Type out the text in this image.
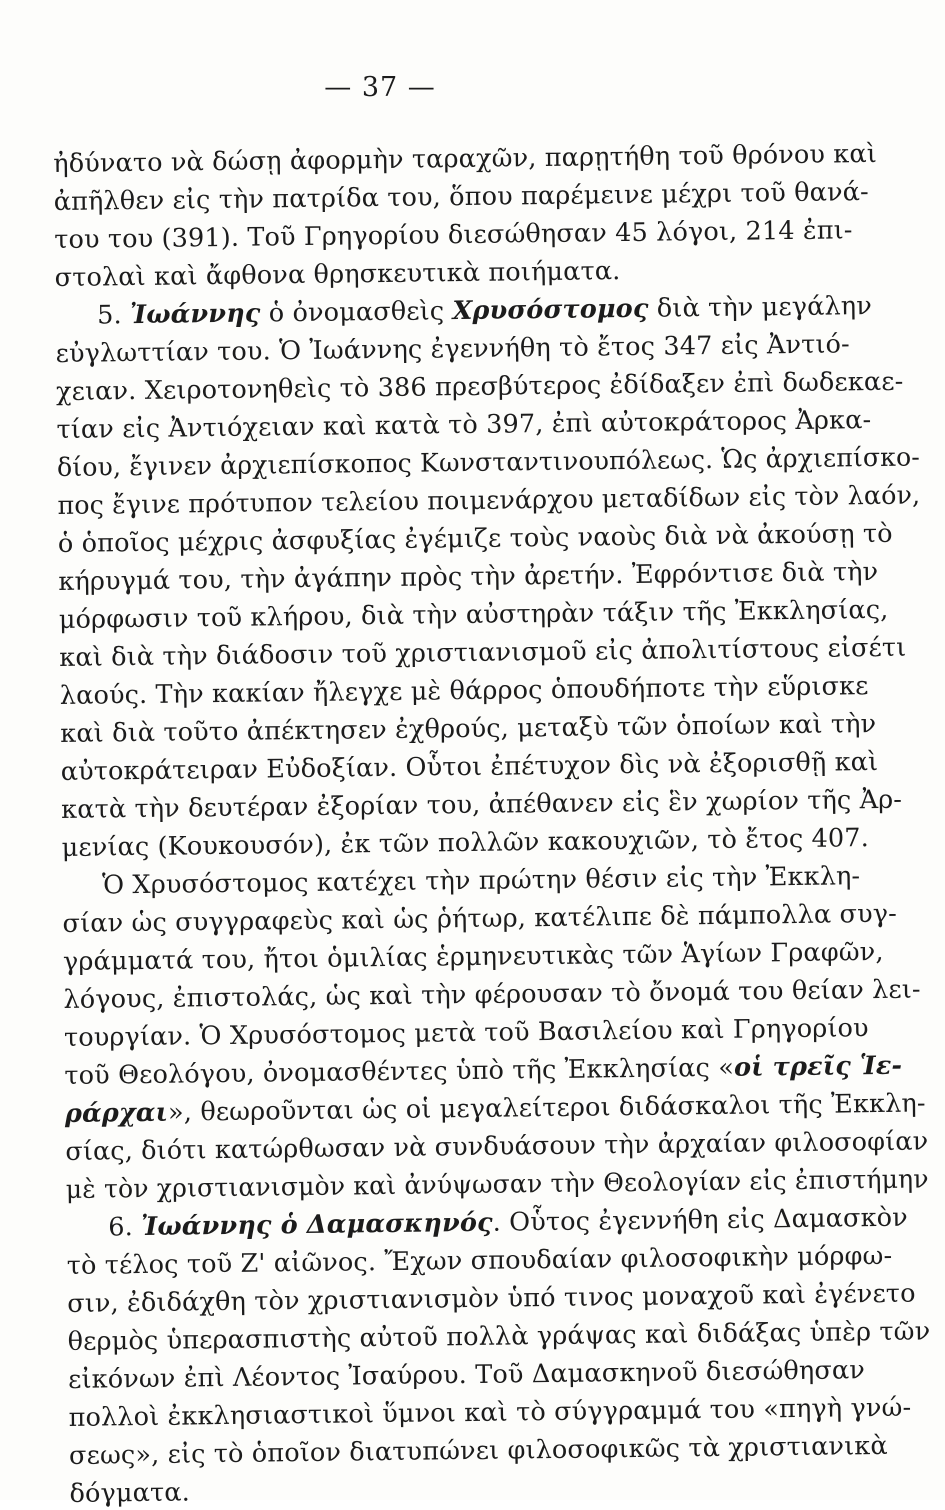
— 37 —
ἠδύνατο νὰ δώσῃ ἀφορμὴν ταραχῶν, παρῃτήθη τοῦ θρόνου καὶ
ἀπῆλθεν εἰς τὴν πατρίδα του, ὅπου παρέμεινε μέχρι τοῦ θανά-
του του (391). Τοῦ Γρηγορίου διεσώθησαν 45 λόγοι, 214 ἐπι-
στολαὶ καὶ ἄφθονα θρησκευτικὰ ποιήματα.
5. Ἰωάννης ὁ ὀνομασθεὶς Χρυσόστομος διὰ τὴν μεγάλην
εὐγλωττίαν του. Ὁ Ἰωάννης ἐγεννήθη τὸ ἔτος 347 εἰς Ἀντιό-
χειαν. Χειροτονηθεὶς τὸ 386 πρεσβύτερος ἐδίδαξεν ἐπὶ δωδεκαε-
τίαν εἰς Ἀντιόχειαν καὶ κατὰ τὸ 397, ἐπὶ αὐτοκράτορος Ἀρκα-
δίου, ἔγινεν ἀρχιεπίσκοπος Κωνσταντινουπόλεως. Ὡς ἀρχιεπίσκο-
πος ἔγινε πρότυπον τελείου ποιμενάρχου μεταδίδων εἰς τὸν λαόν,
ὁ ὁποῖος μέχρις ἀσφυξίας ἐγέμιζε τοὺς ναοὺς διὰ νὰ ἀκούσῃ τὸ
κήρυγμά του, τὴν ἀγάπην πρὸς τὴν ἀρετήν. Ἐφρόντισε διὰ τὴν
μόρφωσιν τοῦ κλήρου, διὰ τὴν αὐστηρὰν τάξιν τῆς Ἐκκλησίας,
καὶ διὰ τὴν διάδοσιν τοῦ χριστιανισμοῦ εἰς ἀπολιτίστους εἰσέτι
λαούς. Τὴν κακίαν ἤλεγχε μὲ θάρρος ὁπουδήποτε τὴν εὕρισκε
καὶ διὰ τοῦτο ἀπέκτησεν ἐχθρούς, μεταξὺ τῶν ὁποίων καὶ τὴν
αὐτοκράτειραν Εὐδοξίαν. Οὗτοι ἐπέτυχον δὶς νὰ ἐξορισθῇ καὶ
κατὰ τὴν δευτέραν ἐξορίαν του, ἀπέθανεν εἰς ἓν χωρίον τῆς Ἀρ-
μενίας (Κουκουσόν), ἐκ τῶν πολλῶν κακουχιῶν, τὸ ἔτος 407.
Ὁ Χρυσόστομος κατέχει τὴν πρώτην θέσιν εἰς τὴν Ἐκκλη-
σίαν ὡς συγγραφεὺς καὶ ὡς ῥήτωρ, κατέλιπε δὲ πάμπολλα συγ-
γράμματά του, ἤτοι ὁμιλίας ἑρμηνευτικὰς τῶν Ἁγίων Γραφῶν,
λόγους, ἐπιστολάς, ὡς καὶ τὴν φέρουσαν τὸ ὄνομά του θείαν λει-
τουργίαν. Ὁ Χρυσόστομος μετὰ τοῦ Βασιλείου καὶ Γρηγορίου
τοῦ Θεολόγου, ὀνομασθέντες ὑπὸ τῆς Ἐκκλησίας «οἱ τρεῖς Ἱε-
ράρχαι», θεωροῦνται ὡς οἱ μεγαλείτεροι διδάσκαλοι τῆς Ἐκκλη-
σίας, διότι κατώρθωσαν νὰ συνδυάσουν τὴν ἀρχαίαν φιλοσοφίαν
μὲ τὸν χριστιανισμὸν καὶ ἀνύψωσαν τὴν Θεολογίαν εἰς ἐπιστήμην
6. Ἰωάννης ὁ Δαμασκηνός. Οὗτος ἐγεννήθη εἰς Δαμασκὸν
τὸ τέλος τοῦ Ζ' αἰῶνος. Ἔχων σπουδαίαν φιλοσοφικὴν μόρφω-
σιν, ἐδιδάχθη τὸν χριστιανισμὸν ὑπό τινος μοναχοῦ καὶ ἐγένετο
θερμὸς ὑπερασπιστὴς αὐτοῦ πολλὰ γράψας καὶ διδάξας ὑπὲρ τῶν
εἰκόνων ἐπὶ Λέοντος Ἰσαύρου. Τοῦ Δαμασκηνοῦ διεσώθησαν
πολλοὶ ἐκκλησιαστικοὶ ὕμνοι καὶ τὸ σύγγραμμά του «πηγὴ γνώ-
σεως», εἰς τὸ ὁποῖον διατυπώνει φιλοσοφικῶς τὰ χριστιανικὰ
δόγματα.
